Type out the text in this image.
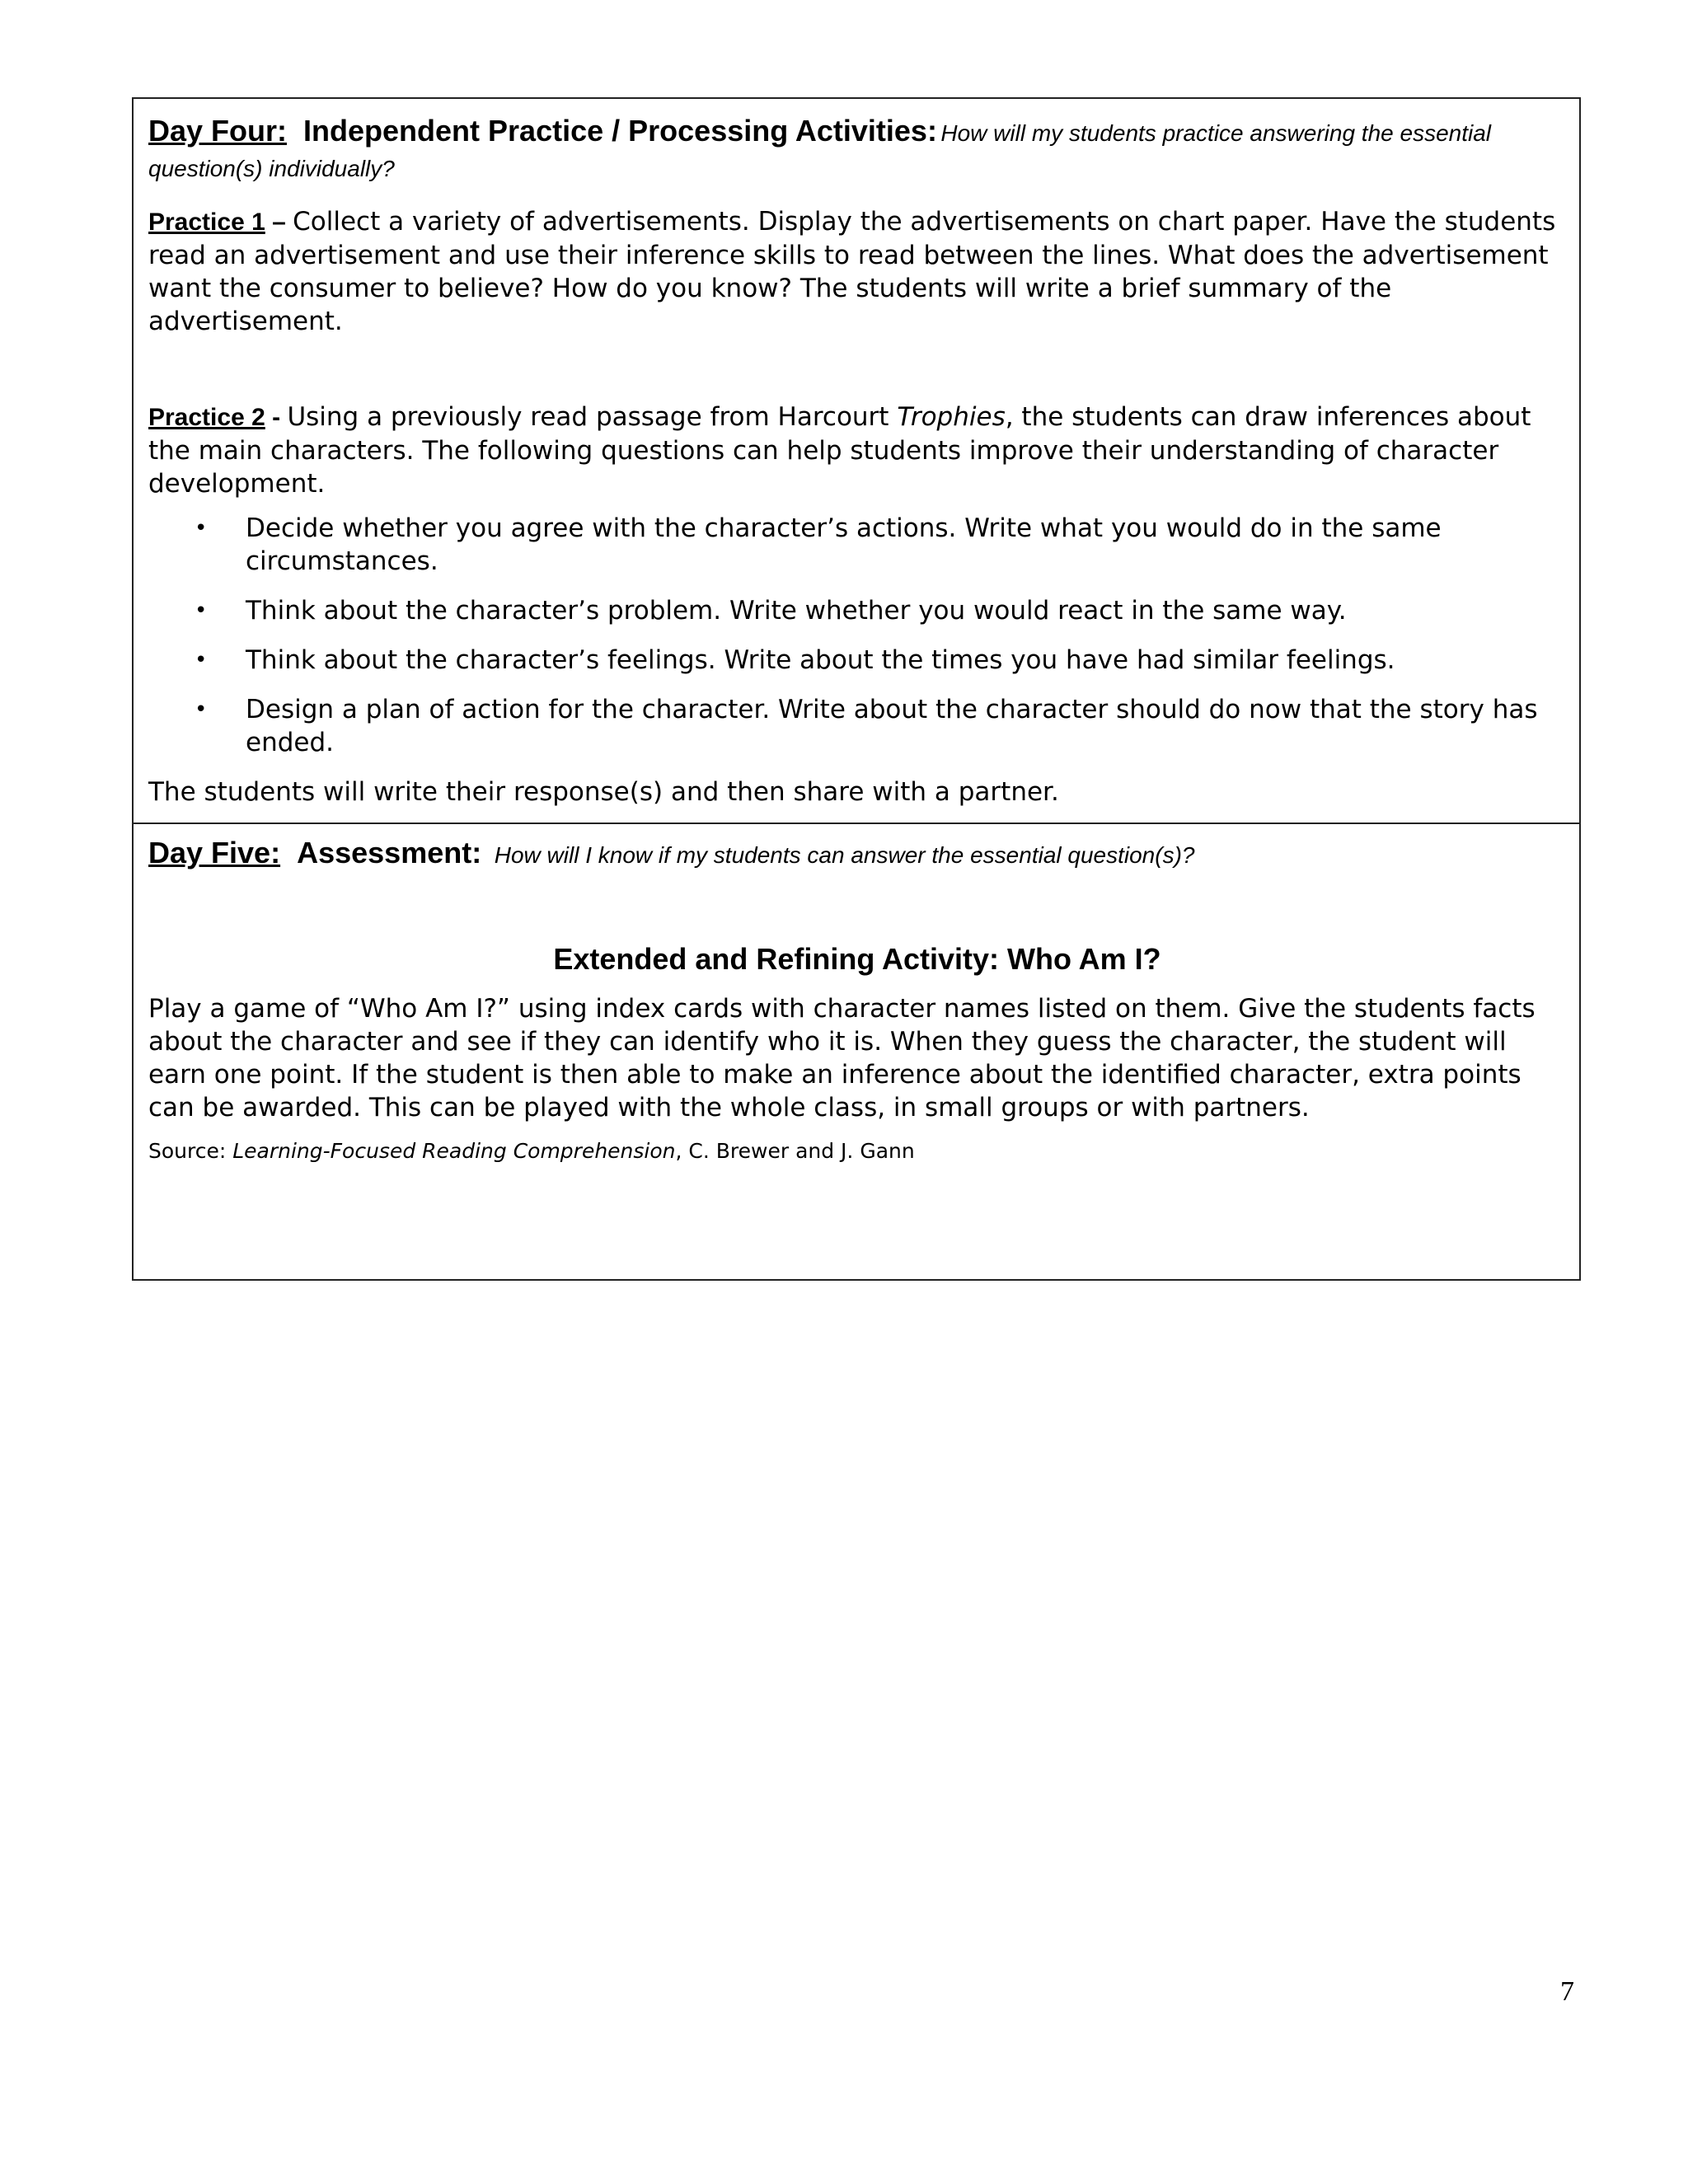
Day Four: Independent Practice / Processing Activities: How will my students practice answering the essential question(s) individually?

Practice 1 – Collect a variety of advertisements. Display the advertisements on chart paper. Have the students read an advertisement and use their inference skills to read between the lines. What does the advertisement want the consumer to believe? How do you know? The students will write a brief summary of the advertisement.

Practice 2 - Using a previously read passage from Harcourt Trophies, the students can draw inferences about the main characters. The following questions can help students improve their understanding of character development.

• Decide whether you agree with the character’s actions. Write what you would do in the same circumstances.
• Think about the character’s problem. Write whether you would react in the same way.
• Think about the character’s feelings. Write about the times you have had similar feelings.
• Design a plan of action for the character. Write about the character should do now that the story has ended.

The students will write their response(s) and then share with a partner.

Day Five: Assessment: How will I know if my students can answer the essential question(s)?
Extended and Refining Activity: Who Am I?

Play a game of “Who Am I?” using index cards with character names listed on them. Give the students facts about the character and see if they can identify who it is. When they guess the character, the student will earn one point. If the student is then able to make an inference about the identified character, extra points can be awarded. This can be played with the whole class, in small groups or with partners.

Source: Learning-Focused Reading Comprehension, C. Brewer and J. Gann
7
